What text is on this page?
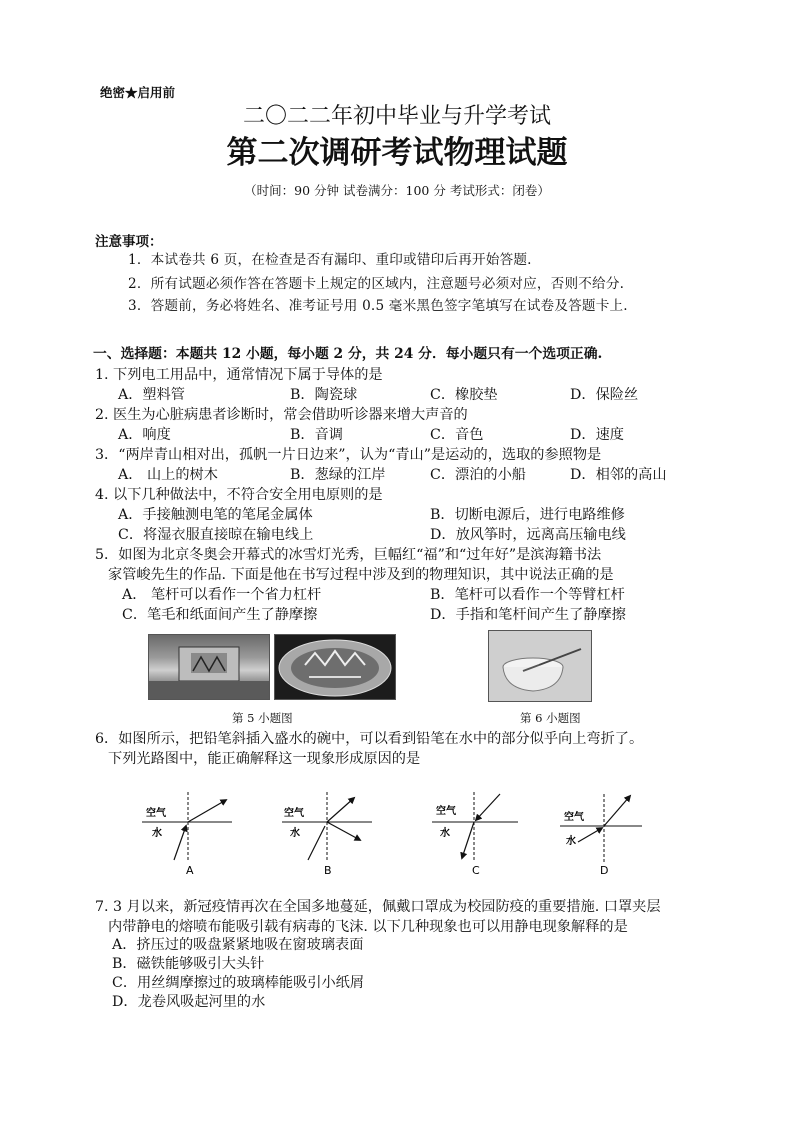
绝密★启用前
二〇二二年初中毕业与升学考试
第二次调研考试物理试题
（时间：90 分钟 试卷满分：100 分 考试形式：闭卷）
注意事项：
1．本试卷共 6 页，在检查是否有漏印、重印或错印后再开始答题.
2．所有试题必须作答在答题卡上规定的区域内，注意题号必须对应，否则不给分.
3．答题前，务必将姓名、准考证号用 0.5 毫米黑色签字笔填写在试卷及答题卡上.
一、选择题：本题共 12 小题，每小题 2 分，共 24 分．每小题只有一个选项正确.
1. 下列电工用品中，通常情况下属于导体的是
A．塑料管	B．陶瓷球	C．橡胶垫	D．保险丝
2. 医生为心脏病患者诊断时，常会借助听诊器来增大声音的
A．响度	B．音调	C．音色	D．速度
3．“两岸青山相对出，孤帆一片日边来”，认为“青山”是运动的，选取的参照物是
A． 山上的树木	B．葱绿的江岸	C．漂泊的小船	D．相邻的高山
4. 以下几种做法中，不符合安全用电原则的是
A．手接触测电笔的笔尾金属体	B．切断电源后，进行电路维修
C．将湿衣服直接晾在输电线上	D．放风筝时，远离高压输电线
5．如图为北京冬奥会开幕式的冰雪灯光秀，巨幅红“福”和“过年好”是滨海籍书法
家管峻先生的作品. 下面是他在书写过程中涉及到的物理知识，其中说法正确的是
A． 笔杆可以看作一个省力杠杆	B．笔杆可以看作一个等臂杠杆
C．笔毛和纸面间产生了静摩擦	D．手指和笔杆间产生了静摩擦
第 5 小题图	第 6 小题图
6．如图所示，把铅笔斜插入盛水的碗中，可以看到铅笔在水中的部分似乎向上弯折了。
下列光路图中，能正确解释这一现象形成原因的是
空气
水
A
空气
水
B
空气
水
C
空气
水
D
7. 3 月以来，新冠疫情再次在全国多地蔓延，佩戴口罩成为校园防疫的重要措施. 口罩夹层
内带静电的熔喷布能吸引载有病毒的飞沫. 以下几种现象也可以用静电现象解释的是
A．挤压过的吸盘紧紧地吸在窗玻璃表面
B．磁铁能够吸引大头针
C．用丝绸摩擦过的玻璃棒能吸引小纸屑
D．龙卷风吸起河里的水
